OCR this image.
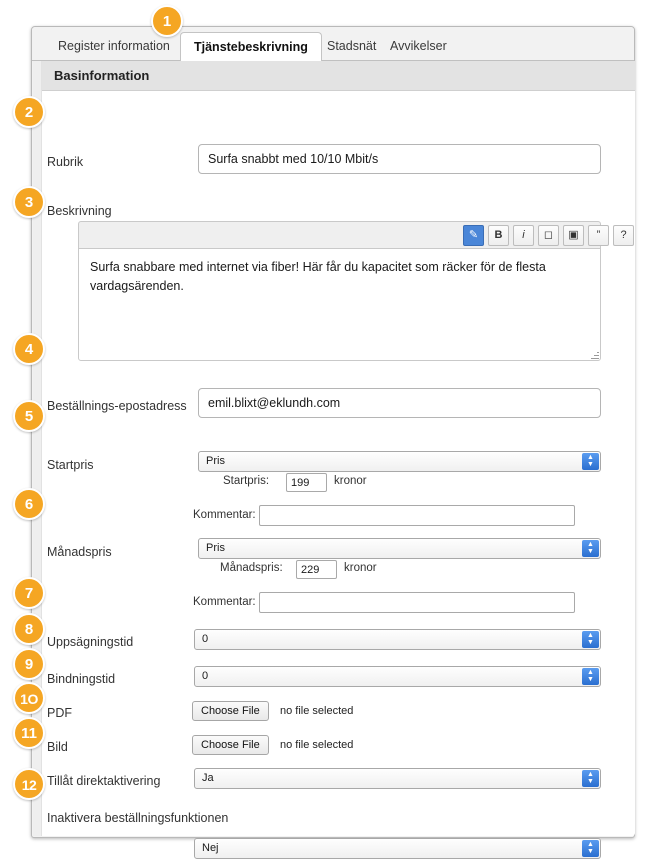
Register information	Tjänstebeskrivning	Stadsnät	Avvikelser
Basinformation
Rubrik	Surfa snabbt med 10/10 Mbit/s
Beskrivning
✎	B	i	◻	▣	”	?
Surfa snabbare med internet via fiber! Här får du kapacitet som räcker för de flesta vardagsärenden.
Beställnings-epostadress	emil.blixt@eklundh.com
Startpris	Pris	▲
▼
Startpris:	199	kronor
Kommentar:
Månadspris	Pris	▲
▼
Månadspris:	229	kronor
Kommentar:
Uppsägningstid	0	▲
▼
Bindningstid	0	▲
▼
PDF	Choose File	no file selected
Bild	Choose File	no file selected
Tillåt direktaktivering	Ja	▲
▼
Inaktivera beställningsfunktionen
Nej	▲
▼
1
2
3
4
5
6
7
8
9
1O
11
12
